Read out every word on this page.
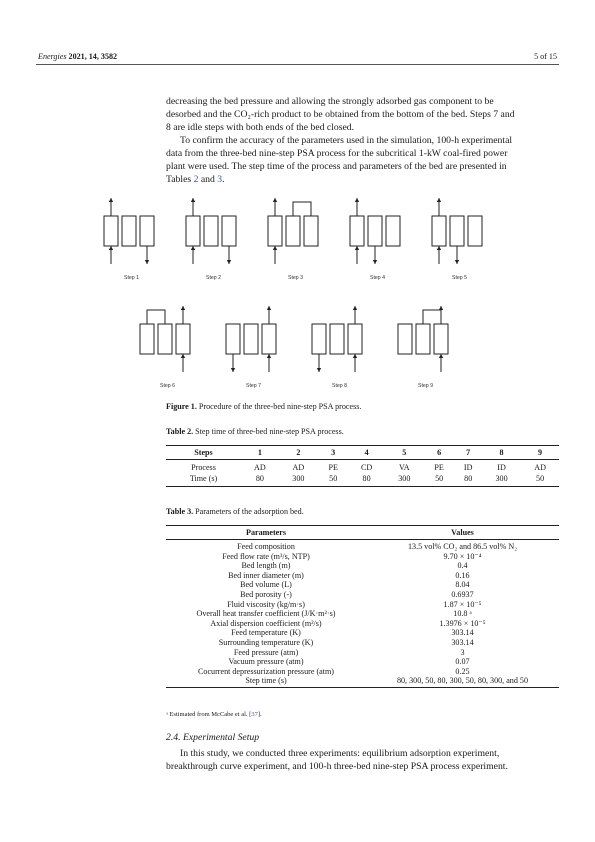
Energies 2021, 14, 3582	5 of 15
decreasing the bed pressure and allowing the strongly adsorbed gas component to be
desorbed and the CO₂-rich product to be obtained from the bottom of the bed. Steps 7 and
8 are idle steps with both ends of the bed closed.
To confirm the accuracy of the parameters used in the simulation, 100-h experimental
data from the three-bed nine-step PSA process for the subcritical 1-kW coal-fired power
plant were used. The step time of the process and parameters of the bed are presented in
Tables 2 and 3.
Step 1	Step 2	Step 3	Step 4	Step 5
Step 6	Step 7	Step 8	Step 9
Figure 1. Procedure of the three-bed nine-step PSA process.
Table 2. Step time of three-bed nine-step PSA process.
Steps	1	2	3	4	5	6	7	8	9
Process	AD	AD	PE	CD	VA	PE	ID	ID	AD
Time (s)	80	300	50	80	300	50	80	300	50
Table 3. Parameters of the adsorption bed.
Parameters	Values
Feed composition	13.5 vol% CO₂ and 86.5 vol% N₂
Feed flow rate (m³/s, NTP)	9.70 × 10⁻⁴
Bed length (m)	0.4
Bed inner diameter (m)	0.16
Bed volume (L)	8.04
Bed porosity (-)	0.6937
Fluid viscosity (kg/m·s)	1.87 × 10⁻⁵
Overall heat transfer coefficient (J/K·m²·s)	10.8 ᵃ
Axial dispersion coefficient (m²/s)	1.3976 × 10⁻⁵
Feed temperature (K)	303.14
Surrounding temperature (K)	303.14
Feed pressure (atm)	3
Vacuum pressure (atm)	0.07
Cocurrent depressurization pressure (atm)	0.25
Step time (s)	80, 300, 50, 80, 300, 50, 80, 300, and 50
ᵃ Estimated from McCabe et al. [37].
2.4. Experimental Setup
In this study, we conducted three experiments: equilibrium adsorption experiment,
breakthrough curve experiment, and 100-h three-bed nine-step PSA process experiment.
